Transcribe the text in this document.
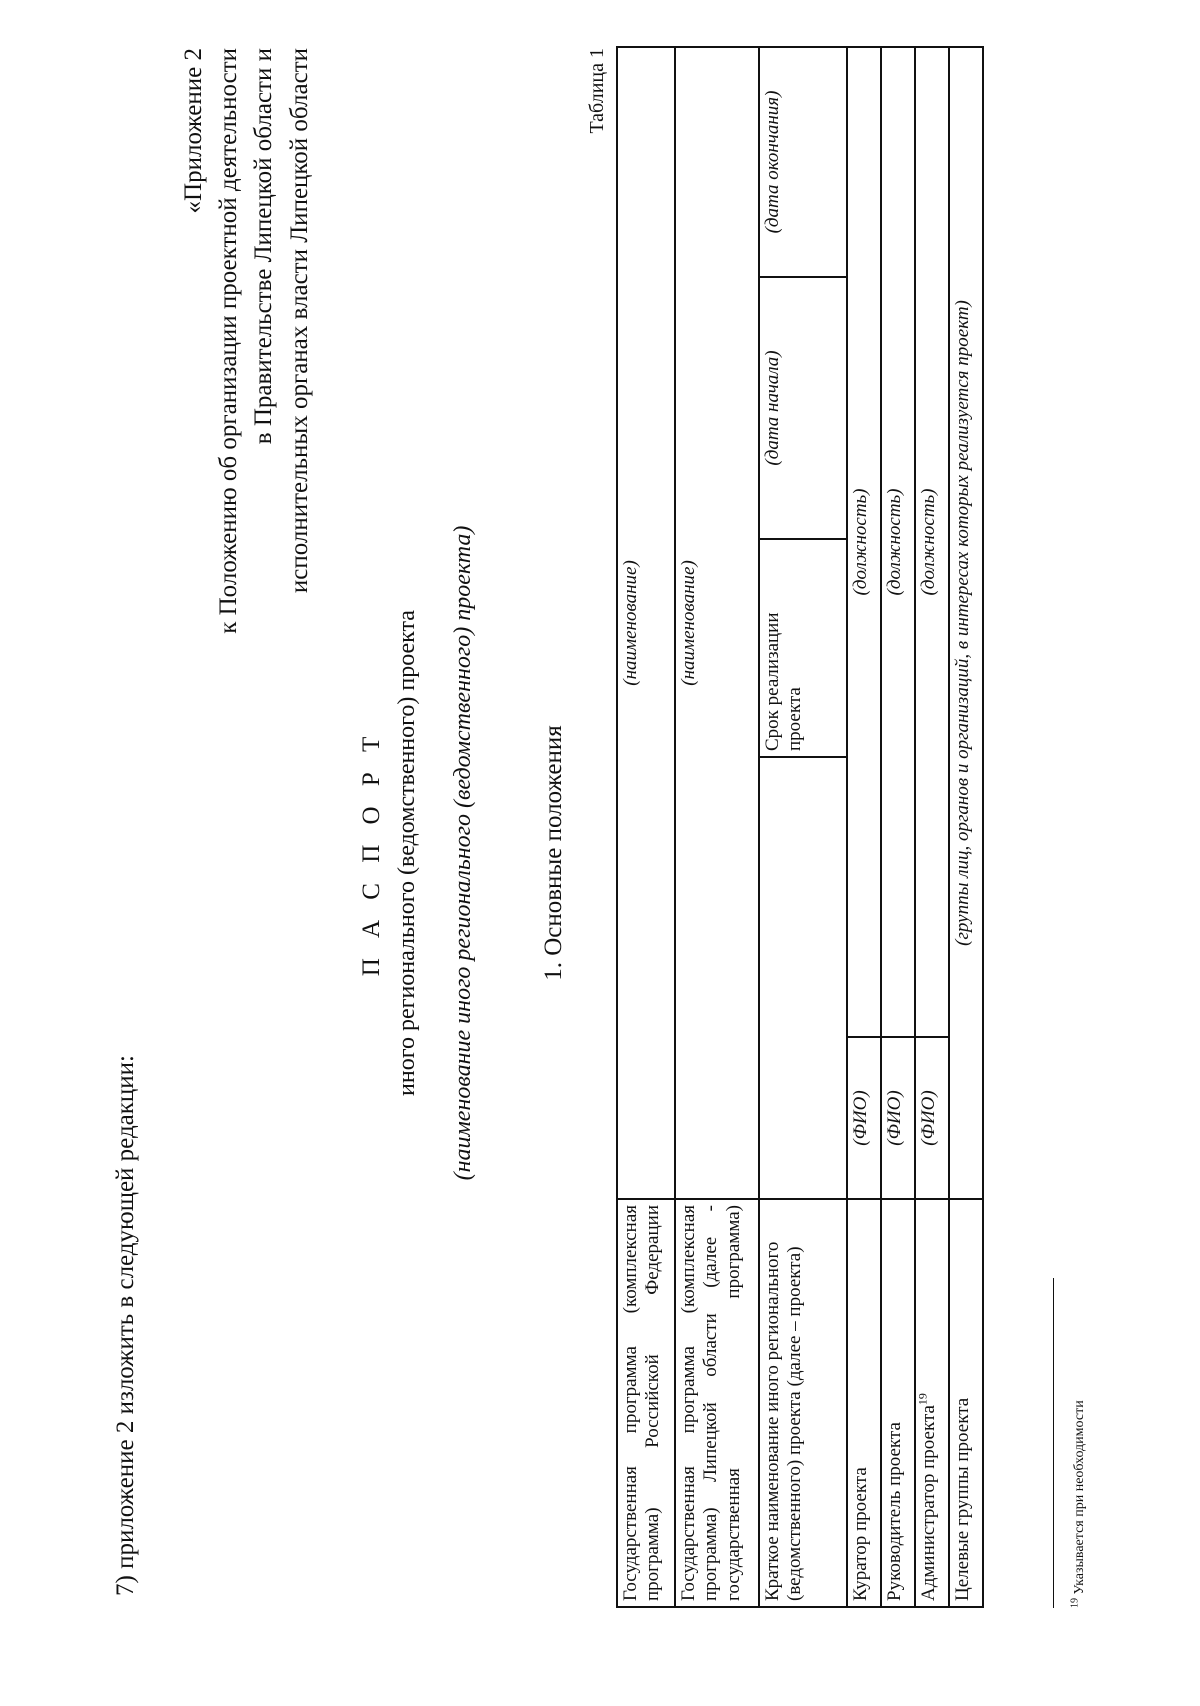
7) приложение 2 изложить в следующей редакции:
«Приложение 2 к Положению об организации проектной деятельности в Правительстве Липецкой области и исполнительных органах власти Липецкой области
П А С П О Р Т иного регионального (ведомственного) проекта (наименование иного регионального (ведомственного) проекта)	1. Основные положения
Таблица 1
Государственная программа (комплексная программа) Российской Федерации	(наименование)				
Государственная программа (комплексная программа) Липецкой области (далее - государственная программа)	(наименование)				
Краткое наименование иного регионального (ведомственного) проекта (далее – проекта)			Срок реализации проекта	(дата начала)	(дата окончания)
Куратор проекта	(ФИО)	(должность)			
Руководитель проекта	(ФИО)	(должность)			
Администратор проекта$^{19}$	(ФИО)	(должность)			
Целевые группы проекта	(группы лиц, органов и организаций, в интересах которых реализуется проект)				
$^{19}$ Указывается при необходимости
